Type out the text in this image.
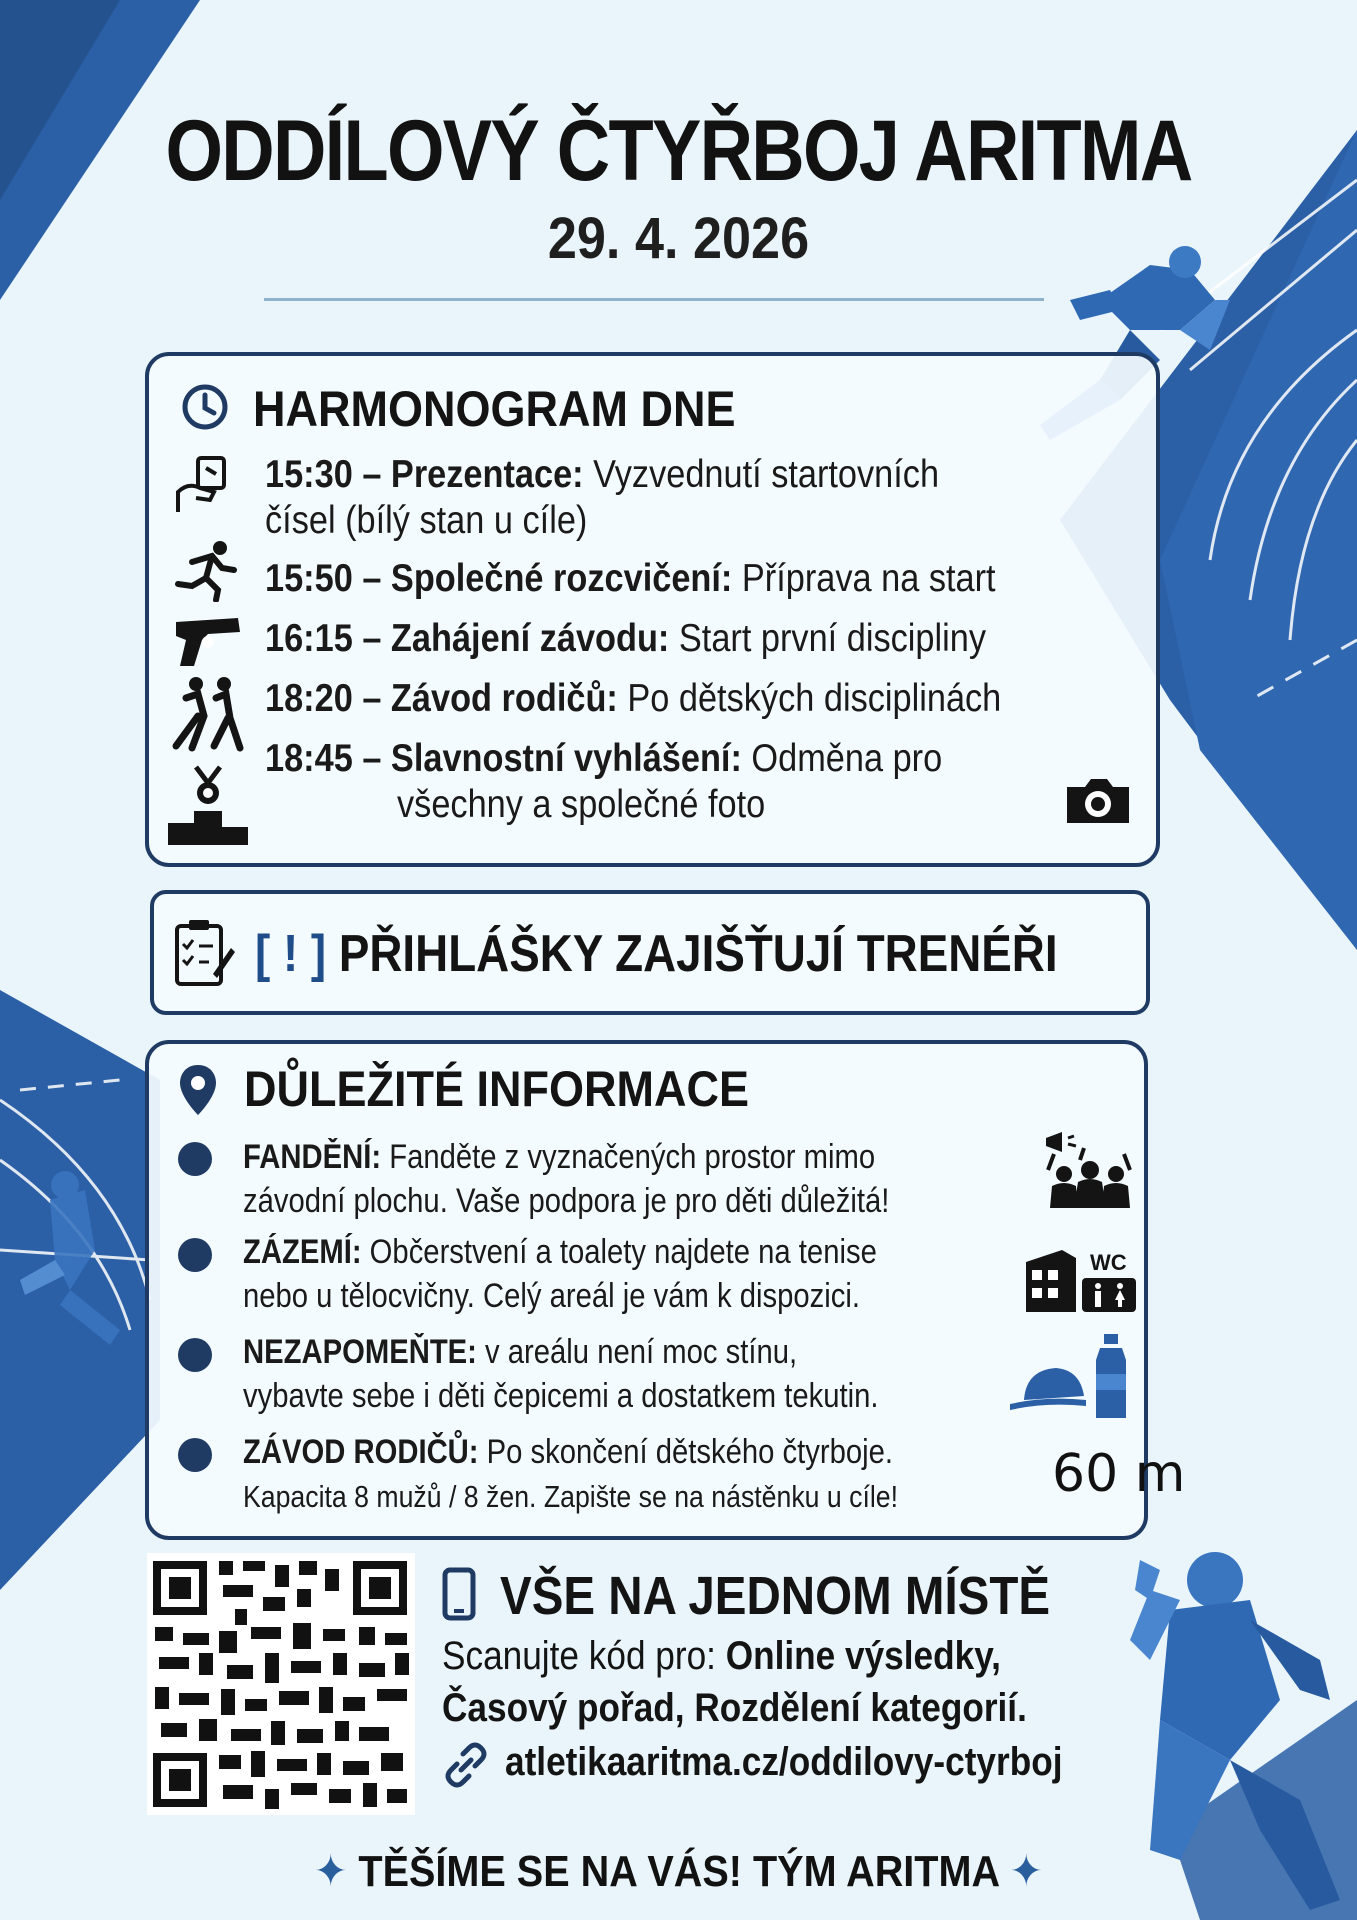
ODDÍLOVÝ ČTYŘBOJ ARITMA
29. 4. 2026
HARMONOGRAM DNE
15:30 – Prezentace: Vyzvednutí startovních
čísel (bílý stan u cíle)
15:50 – Společné rozcvičení: Příprava na start
16:15 – Zahájení závodu: Start první discipliny
18:20 – Závod rodičů: Po dětských disciplinách
18:45 – Slavnostní vyhlášení: Odměna pro
všechny a společné foto
[ ! ] PŘIHLÁŠKY ZAJIŠŤUJÍ TRENÉŘI
DŮLEŽITÉ INFORMACE
FANDĚNÍ: Fanděte z vyznačených prostor mimo
závodní plochu. Vaše podpora je pro děti důležitá!
ZÁZEMÍ: Občerstvení a toalety najdete na tenise
nebo u tělocvičny. Celý areál je vám k dispozici.
WC
NEZAPOMEŇTE: v areálu není moc stínu,
vybavte sebe i děti čepicemi a dostatkem tekutin.
ZÁVOD RODIČŮ: Po skončení dětského čtyrboje.
Kapacita 8 mužů / 8 žen. Zapište se na nástěnku u cíle!	60 m
VŠE NA JEDNOM MÍSTĚ
Scanujte kód pro: Online výsledky,
Časový pořad, Rozdělení kategorií.
atletikaaritma.cz/oddilovy-ctyrboj
✦ TĚŠÍME SE NA VÁS! TÝM ARITMA ✦
